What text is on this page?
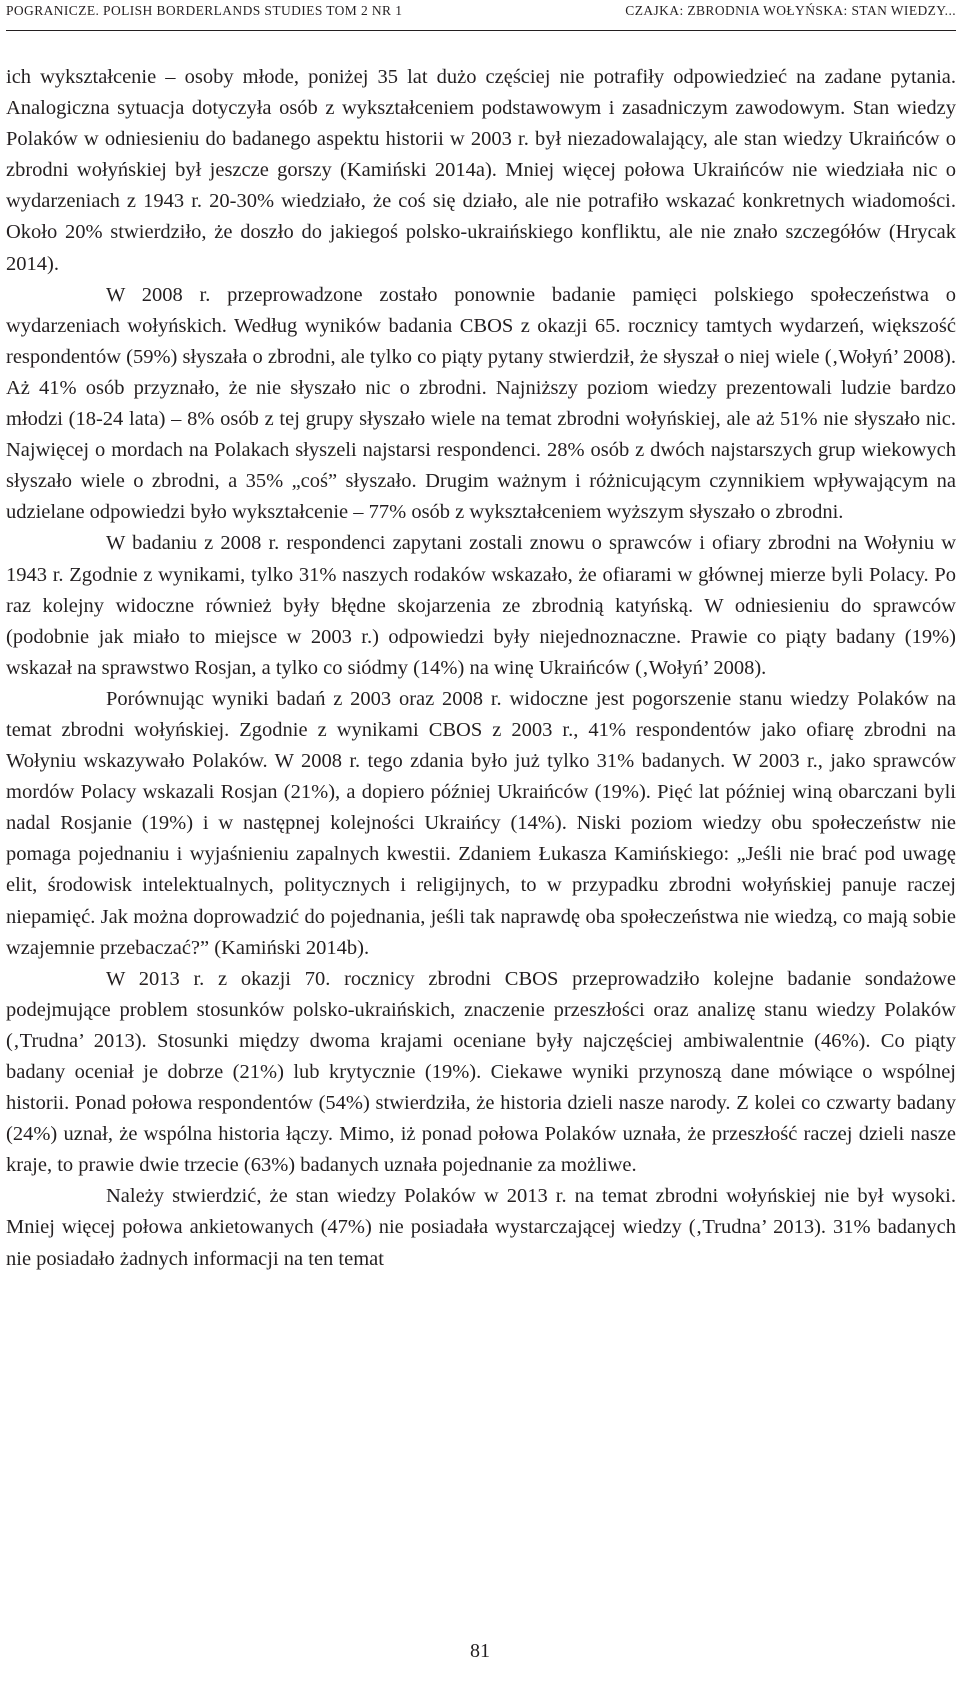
POGRANICZE. POLISH BORDERLANDS STUDIES TOM 2 NR 1	CZAJKA: ZBRODNIA WOŁYŃSKA: STAN WIEDZY...

ich wykształcenie – osoby młode, poniżej 35 lat dużo częściej nie potrafiły odpowiedzieć na zadane pytania. Analogiczna sytuacja dotyczyła osób z wykształceniem podstawowym i zasadniczym zawodowym. Stan wiedzy Polaków w odniesieniu do badanego aspektu historii w 2003 r. był niezadowalający, ale stan wiedzy Ukraińców o zbrodni wołyńskiej był jeszcze gorszy (Kamiński 2014a). Mniej więcej połowa Ukraińców nie wiedziała nic o wydarzeniach z 1943 r. 20-30% wiedziało, że coś się działo, ale nie potrafiło wskazać konkretnych wiadomości. Około 20% stwierdziło, że doszło do jakiegoś polsko-ukraińskiego konfliktu, ale nie znało szczegółów (Hrycak 2014).

W 2008 r. przeprowadzone zostało ponownie badanie pamięci polskiego społeczeństwa o wydarzeniach wołyńskich. Według wyników badania CBOS z okazji 65. rocznicy tamtych wydarzeń, większość respondentów (59%) słyszała o zbrodni, ale tylko co piąty pytany stwierdził, że słyszał o niej wiele (‚Wołyń’ 2008). Aż 41% osób przyznało, że nie słyszało nic o zbrodni. Najniższy poziom wiedzy prezentowali ludzie bardzo młodzi (18-24 lata) – 8% osób z tej grupy słyszało wiele na temat zbrodni wołyńskiej, ale aż 51% nie słyszało nic. Najwięcej o mordach na Polakach słyszeli najstarsi respondenci. 28% osób z dwóch najstarszych grup wiekowych słyszało wiele o zbrodni, a 35% „coś” słyszało. Drugim ważnym i różnicującym czynnikiem wpływającym na udzielane odpowiedzi było wykształcenie – 77% osób z wykształceniem wyższym słyszało o zbrodni.

W badaniu z 2008 r. respondenci zapytani zostali znowu o sprawców i ofiary zbrodni na Wołyniu w 1943 r. Zgodnie z wynikami, tylko 31% naszych rodaków wskazało, że ofiarami w głównej mierze byli Polacy. Po raz kolejny widoczne również były błędne skojarzenia ze zbrodnią katyńską. W odniesieniu do sprawców (podobnie jak miało to miejsce w 2003 r.) odpowiedzi były niejednoznaczne. Prawie co piąty badany (19%) wskazał na sprawstwo Rosjan, a tylko co siódmy (14%) na winę Ukraińców (‚Wołyń’ 2008).

Porównując wyniki badań z 2003 oraz 2008 r. widoczne jest pogorszenie stanu wiedzy Polaków na temat zbrodni wołyńskiej. Zgodnie z wynikami CBOS z 2003 r., 41% respondentów jako ofiarę zbrodni na Wołyniu wskazywało Polaków. W 2008 r. tego zdania było już tylko 31% badanych. W 2003 r., jako sprawców mordów Polacy wskazali Rosjan (21%), a dopiero później Ukraińców (19%). Pięć lat później winą obarczani byli nadal Rosjanie (19%) i w następnej kolejności Ukraińcy (14%). Niski poziom wiedzy obu społeczeństw nie pomaga pojednaniu i wyjaśnieniu zapalnych kwestii. Zdaniem Łukasza Kamińskiego: „Jeśli nie brać pod uwagę elit, środowisk intelektualnych, politycznych i religijnych, to w przypadku zbrodni wołyńskiej panuje raczej niepamięć. Jak można doprowadzić do pojednania, jeśli tak naprawdę oba społeczeństwa nie wiedzą, co mają sobie wzajemnie przebaczać?” (Kamiński 2014b).

W 2013 r. z okazji 70. rocznicy zbrodni CBOS przeprowadziło kolejne badanie sondażowe podejmujące problem stosunków polsko-ukraińskich, znaczenie przeszłości oraz analizę stanu wiedzy Polaków (‚Trudna’ 2013). Stosunki między dwoma krajami oceniane były najczęściej ambiwalentnie (46%). Co piąty badany oceniał je dobrze (21%) lub krytycznie (19%). Ciekawe wyniki przynoszą dane mówiące o wspólnej historii. Ponad połowa respondentów (54%) stwierdziła, że historia dzieli nasze narody. Z kolei co czwarty badany (24%) uznał, że wspólna historia łączy. Mimo, iż ponad połowa Polaków uznała, że przeszłość raczej dzieli nasze kraje, to prawie dwie trzecie (63%) badanych uznała pojednanie za możliwe.

Należy stwierdzić, że stan wiedzy Polaków w 2013 r. na temat zbrodni wołyńskiej nie był wysoki. Mniej więcej połowa ankietowanych (47%) nie posiadała wystarczającej wiedzy (‚Trudna’ 2013). 31% badanych nie posiadało żadnych informacji na ten temat

81
